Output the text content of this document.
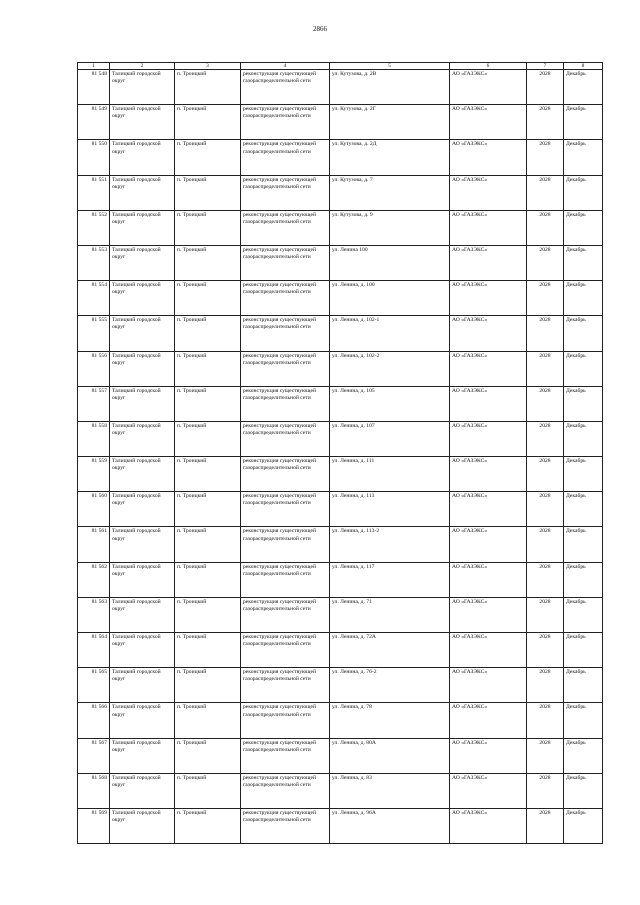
2866
1	2	3	4	5	6	7	8
81 548	Талицкий городской округ	п. Троицкий	реконструкция существующей газораспределительной сети	ул. Кутузова, д. 2В	АО «ГАЗЭКС»	2028	Декабрь
81 549	Талицкий городской округ	п. Троицкий	реконструкция существующей газораспределительной сети	ул. Кутузова, д. 2Г	АО «ГАЗЭКС»	2028	Декабрь
81 550	Талицкий городской округ	п. Троицкий	реконструкция существующей газораспределительной сети	ул. Кутузова, д. 2Д	АО «ГАЗЭКС»	2028	Декабрь
81 551	Талицкий городской округ	п. Троицкий	реконструкция существующей газораспределительной сети	ул. Кутузова, д. 7	АО «ГАЗЭКС»	2028	Декабрь
81 552	Талицкий городской округ	п. Троицкий	реконструкция существующей газораспределительной сети	ул. Кутузова, д. 9	АО «ГАЗЭКС»	2028	Декабрь
81 553	Талицкий городской округ	п. Троицкий	реконструкция существующей газораспределительной сети	ул. Ленина 100	АО «ГАЗЭКС»	2028	Декабрь
81 554	Талицкий городской округ	п. Троицкий	реконструкция существующей газораспределительной сети	ул. Ленина, д. 100	АО «ГАЗЭКС»	2028	Декабрь
81 555	Талицкий городской округ	п. Троицкий	реконструкция существующей газораспределительной сети	ул. Ленина, д. 102-1	АО «ГАЗЭКС»	2028	Декабрь
81 556	Талицкий городской округ	п. Троицкий	реконструкция существующей газораспределительной сети	ул. Ленина, д. 102-2	АО «ГАЗЭКС»	2028	Декабрь
81 557	Талицкий городской округ	п. Троицкий	реконструкция существующей газораспределительной сети	ул. Ленина, д. 105	АО «ГАЗЭКС»	2028	Декабрь
81 558	Талицкий городской округ	п. Троицкий	реконструкция существующей газораспределительной сети	ул. Ленина, д. 107	АО «ГАЗЭКС»	2028	Декабрь
81 559	Талицкий городской округ	п. Троицкий	реконструкция существующей газораспределительной сети	ул. Ленина, д. 111	АО «ГАЗЭКС»	2028	Декабрь
81 560	Талицкий городской округ	п. Троицкий	реконструкция существующей газораспределительной сети	ул. Ленина, д. 113	АО «ГАЗЭКС»	2028	Декабрь
81 561	Талицкий городской округ	п. Троицкий	реконструкция существующей газораспределительной сети	ул. Ленина, д. 113-2	АО «ГАЗЭКС»	2028	Декабрь
81 562	Талицкий городской округ	п. Троицкий	реконструкция существующей газораспределительной сети	ул. Ленина, д. 117	АО «ГАЗЭКС»	2028	Декабрь
81 563	Талицкий городской округ	п. Троицкий	реконструкция существующей газораспределительной сети	ул. Ленина, д. 71	АО «ГАЗЭКС»	2028	Декабрь
81 564	Талицкий городской округ	п. Троицкий	реконструкция существующей газораспределительной сети	ул. Ленина, д. 72А	АО «ГАЗЭКС»	2028	Декабрь
81 565	Талицкий городской округ	п. Троицкий	реконструкция существующей газораспределительной сети	ул. Ленина, д. 76-2	АО «ГАЗЭКС»	2028	Декабрь
81 566	Талицкий городской округ	п. Троицкий	реконструкция существующей газораспределительной сети	ул. Ленина, д. 78	АО «ГАЗЭКС»	2028	Декабрь
81 567	Талицкий городской округ	п. Троицкий	реконструкция существующей газораспределительной сети	ул. Ленина, д. 80А	АО «ГАЗЭКС»	2028	Декабрь
81 568	Талицкий городской округ	п. Троицкий	реконструкция существующей газораспределительной сети	ул. Ленина, д. 83	АО «ГАЗЭКС»	2028	Декабрь
81 569	Талицкий городской округ	п. Троицкий	реконструкция существующей газораспределительной сети	ул. Ленина, д. 96А	АО «ГАЗЭКС»	2028	Декабрь
